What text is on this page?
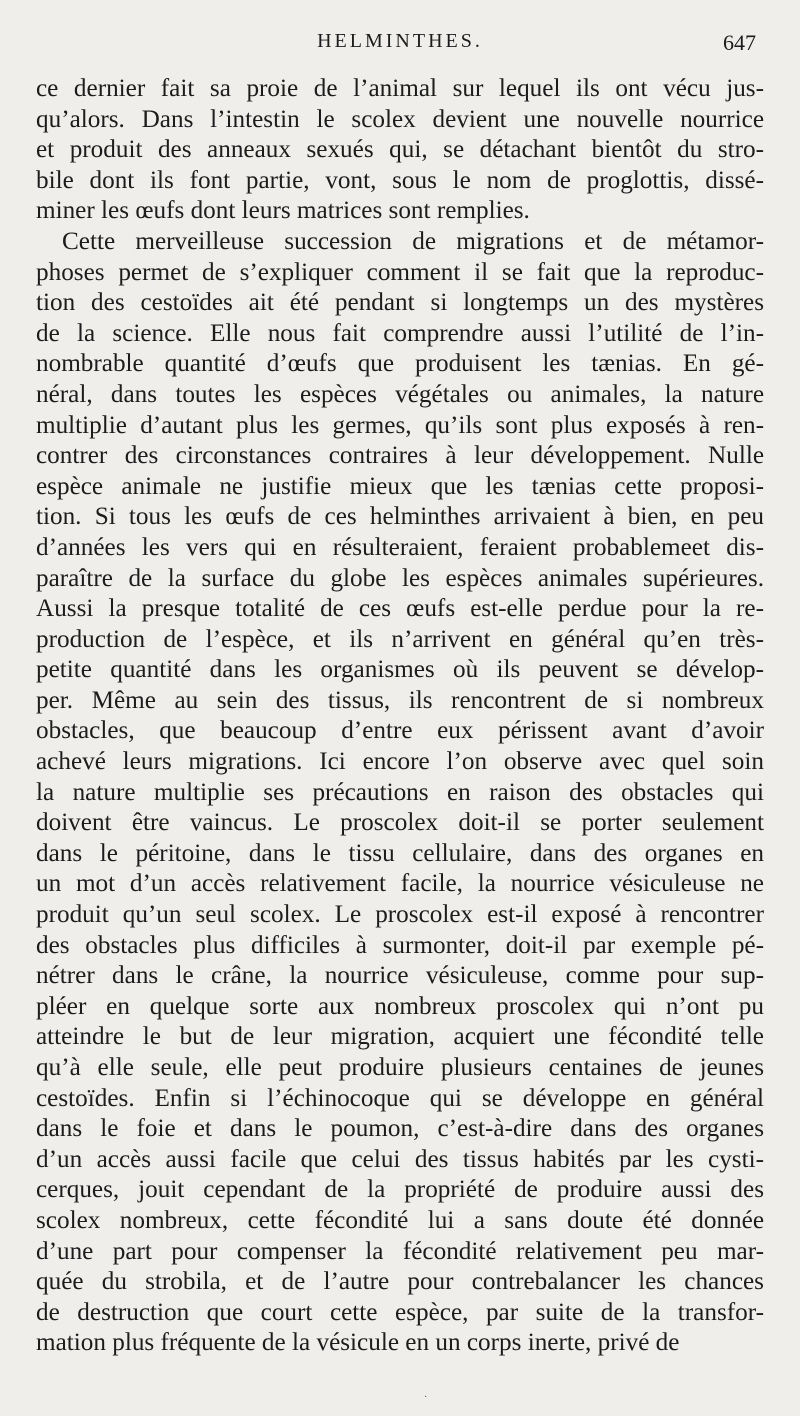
HELMINTHES.	647
ce dernier fait sa proie de l’animal sur lequel ils ont vécu jus-
qu’alors. Dans l’intestin le scolex devient une nouvelle nourrice
et produit des anneaux sexués qui, se détachant bientôt du stro-
bile dont ils font partie, vont, sous le nom de proglottis, dissé-
miner les œufs dont leurs matrices sont remplies.
Cette merveilleuse succession de migrations et de métamor-
phoses permet de s’expliquer comment il se fait que la reproduc-
tion des cestoïdes ait été pendant si longtemps un des mystères
de la science. Elle nous fait comprendre aussi l’utilité de l’in-
nombrable quantité d’œufs que produisent les tænias. En gé-
néral, dans toutes les espèces végétales ou animales, la nature
multiplie d’autant plus les germes, qu’ils sont plus exposés à ren-
contrer des circonstances contraires à leur développement. Nulle
espèce animale ne justifie mieux que les tænias cette proposi-
tion. Si tous les œufs de ces helminthes arrivaient à bien, en peu
d’années les vers qui en résulteraient, feraient probablemeet dis-
paraître de la surface du globe les espèces animales supérieures.
Aussi la presque totalité de ces œufs est-elle perdue pour la re-
production de l’espèce, et ils n’arrivent en général qu’en très-
petite quantité dans les organismes où ils peuvent se dévelop-
per. Même au sein des tissus, ils rencontrent de si nombreux
obstacles, que beaucoup d’entre eux périssent avant d’avoir
achevé leurs migrations. Ici encore l’on observe avec quel soin
la nature multiplie ses précautions en raison des obstacles qui
doivent être vaincus. Le proscolex doit-il se porter seulement
dans le péritoine, dans le tissu cellulaire, dans des organes en
un mot d’un accès relativement facile, la nourrice vésiculeuse ne
produit qu’un seul scolex. Le proscolex est-il exposé à rencontrer
des obstacles plus difficiles à surmonter, doit-il par exemple pé-
nétrer dans le crâne, la nourrice vésiculeuse, comme pour sup-
pléer en quelque sorte aux nombreux proscolex qui n’ont pu
atteindre le but de leur migration, acquiert une fécondité telle
qu’à elle seule, elle peut produire plusieurs centaines de jeunes
cestoïdes. Enfin si l’échinocoque qui se développe en général
dans le foie et dans le poumon, c’est-à-dire dans des organes
d’un accès aussi facile que celui des tissus habités par les cysti-
cerques, jouit cependant de la propriété de produire aussi des
scolex nombreux, cette fécondité lui a sans doute été donnée
d’une part pour compenser la fécondité relativement peu mar-
quée du strobila, et de l’autre pour contrebalancer les chances
de destruction que court cette espèce, par suite de la transfor-
mation plus fréquente de la vésicule en un corps inerte, privé de
·
